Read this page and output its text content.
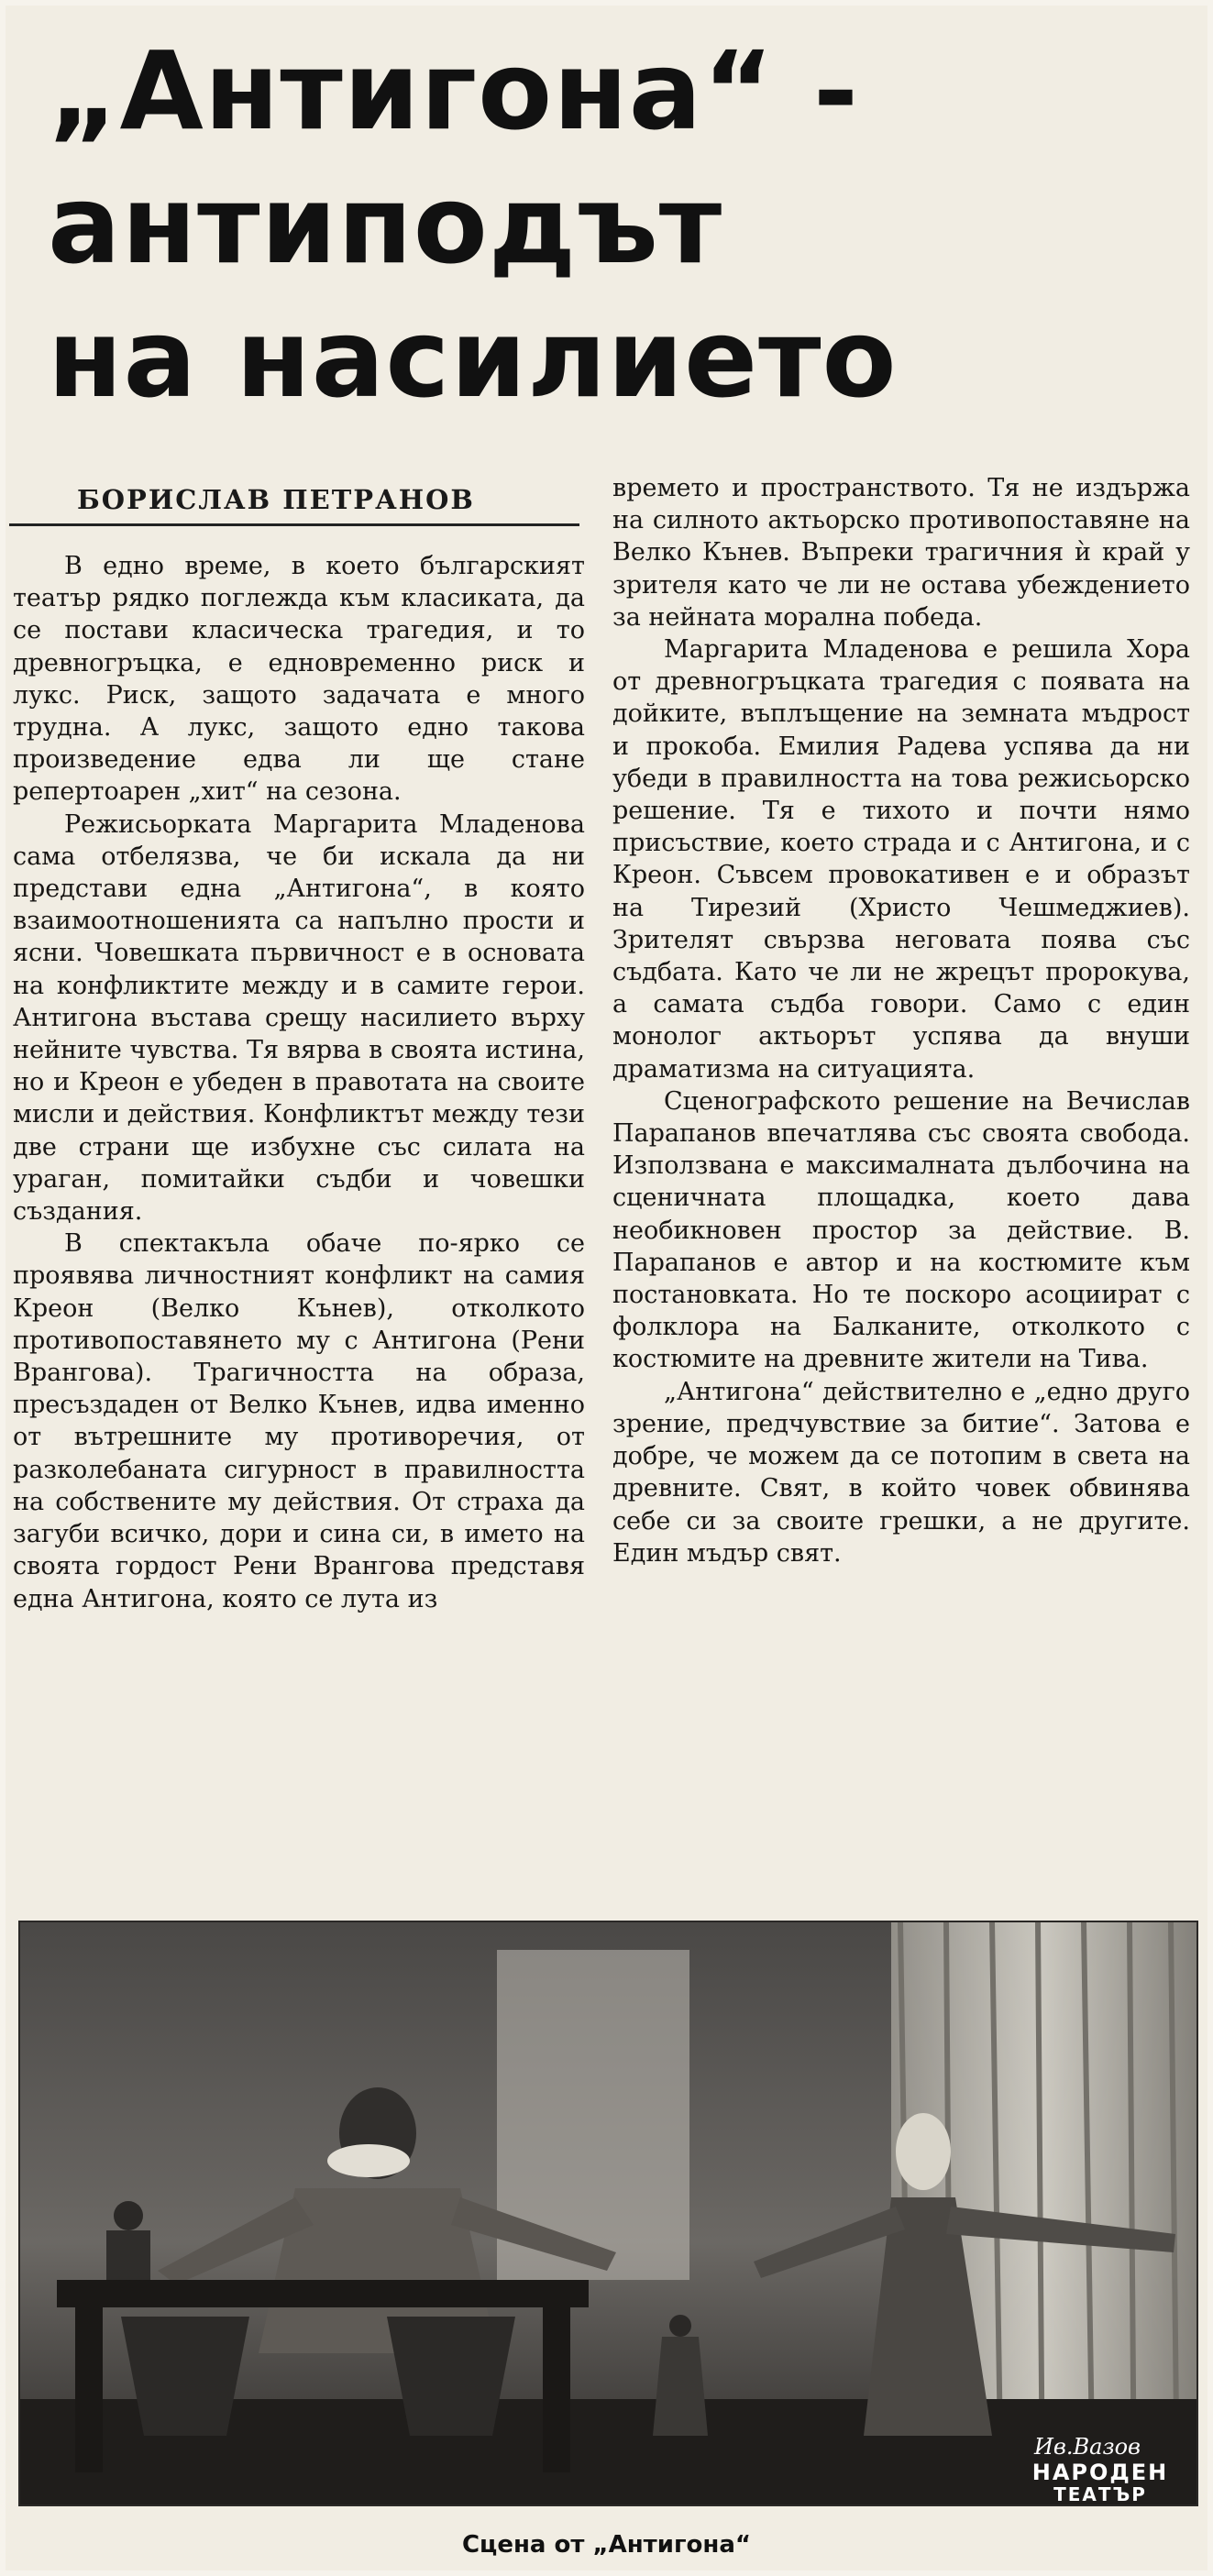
„Антигона“ -
антиподът
на насилието
БОРИСЛАВ ПЕТРАНОВ

В едно време, в което българският театър рядко поглежда към класиката, да се постави класическа трагедия, и то древногръцка, е едновременно риск и лукс. Риск, защото задачата е много трудна. А лукс, защото едно такова произведение едва ли ще стане репертоарен „хит“ на сезона.

Режисьорката Маргарита Младенова сама отбелязва, че би искала да ни представи една „Антигона“, в която взаимоотношенията са напълно прости и ясни. Човешката първичност е в основата на конфликтите между и в самите герои. Антигона въстава срещу насилието върху нейните чувства. Тя вярва в своята истина, но и Креон е убеден в правотата на своите мисли и действия. Конфликтът между тези две страни ще избухне със силата на ураган, помитайки съдби и човешки създания.

В спектакъла обаче по-ярко се проявява личностният конфликт на самия Креон (Велко Кънев), отколкото противопоставянето му с Антигона (Рени Врангова). Трагичността на образа, пресъздаден от Велко Кънев, идва именно от вътрешните му противоречия, от разколебаната сигурност в правилността на собствените му действия. От страха да загуби всичко, дори и сина си, в името на своята гордост Рени Врангова представя една Антигона, която се лута из

времето и пространството. Тя не издържа на силното актьорско противопоставяне на Велко Кънев. Въпреки трагичния ѝ край у зрителя като че ли не остава убеждението за нейната морална победа.

Маргарита Младенова е решила Хора от древногръцката трагедия с появата на дойките, въплъщение на земната мъдрост и прокоба. Емилия Радева успява да ни убеди в правилността на това режисьорско решение. Тя е тихото и почти нямо присъствие, което страда и с Антигона, и с Креон. Съвсем провокативен е и образът на Тирезий (Христо Чешмеджиев). Зрителят свързва неговата поява със съдбата. Като че ли не жрецът пророкува, а самата съдба говори. Само с един монолог актьорът успява да внуши драматизма на ситуацията.

Сценографското решение на Вечислав Парапанов впечатлява със своята свобода. Използвана е максималната дълбочина на сценичната площадка, което дава необикновен простор за действие. В. Парапанов е автор и на костюмите към постановката. Но те поскоро асоциират с фолклора на Балканите, отколкото с костюмите на древните жители на Тива.

„Антигона“ действително е „едно друго зрение, предчувствие за битие“. Затова е добре, че можем да се потопим в света на древните. Свят, в който човек обвинява себе си за своите грешки, а не другите. Един мъдър свят.

Ив.Вазов
НАРОДЕН
ТЕАТЪР
Сцена от „Антигона“
